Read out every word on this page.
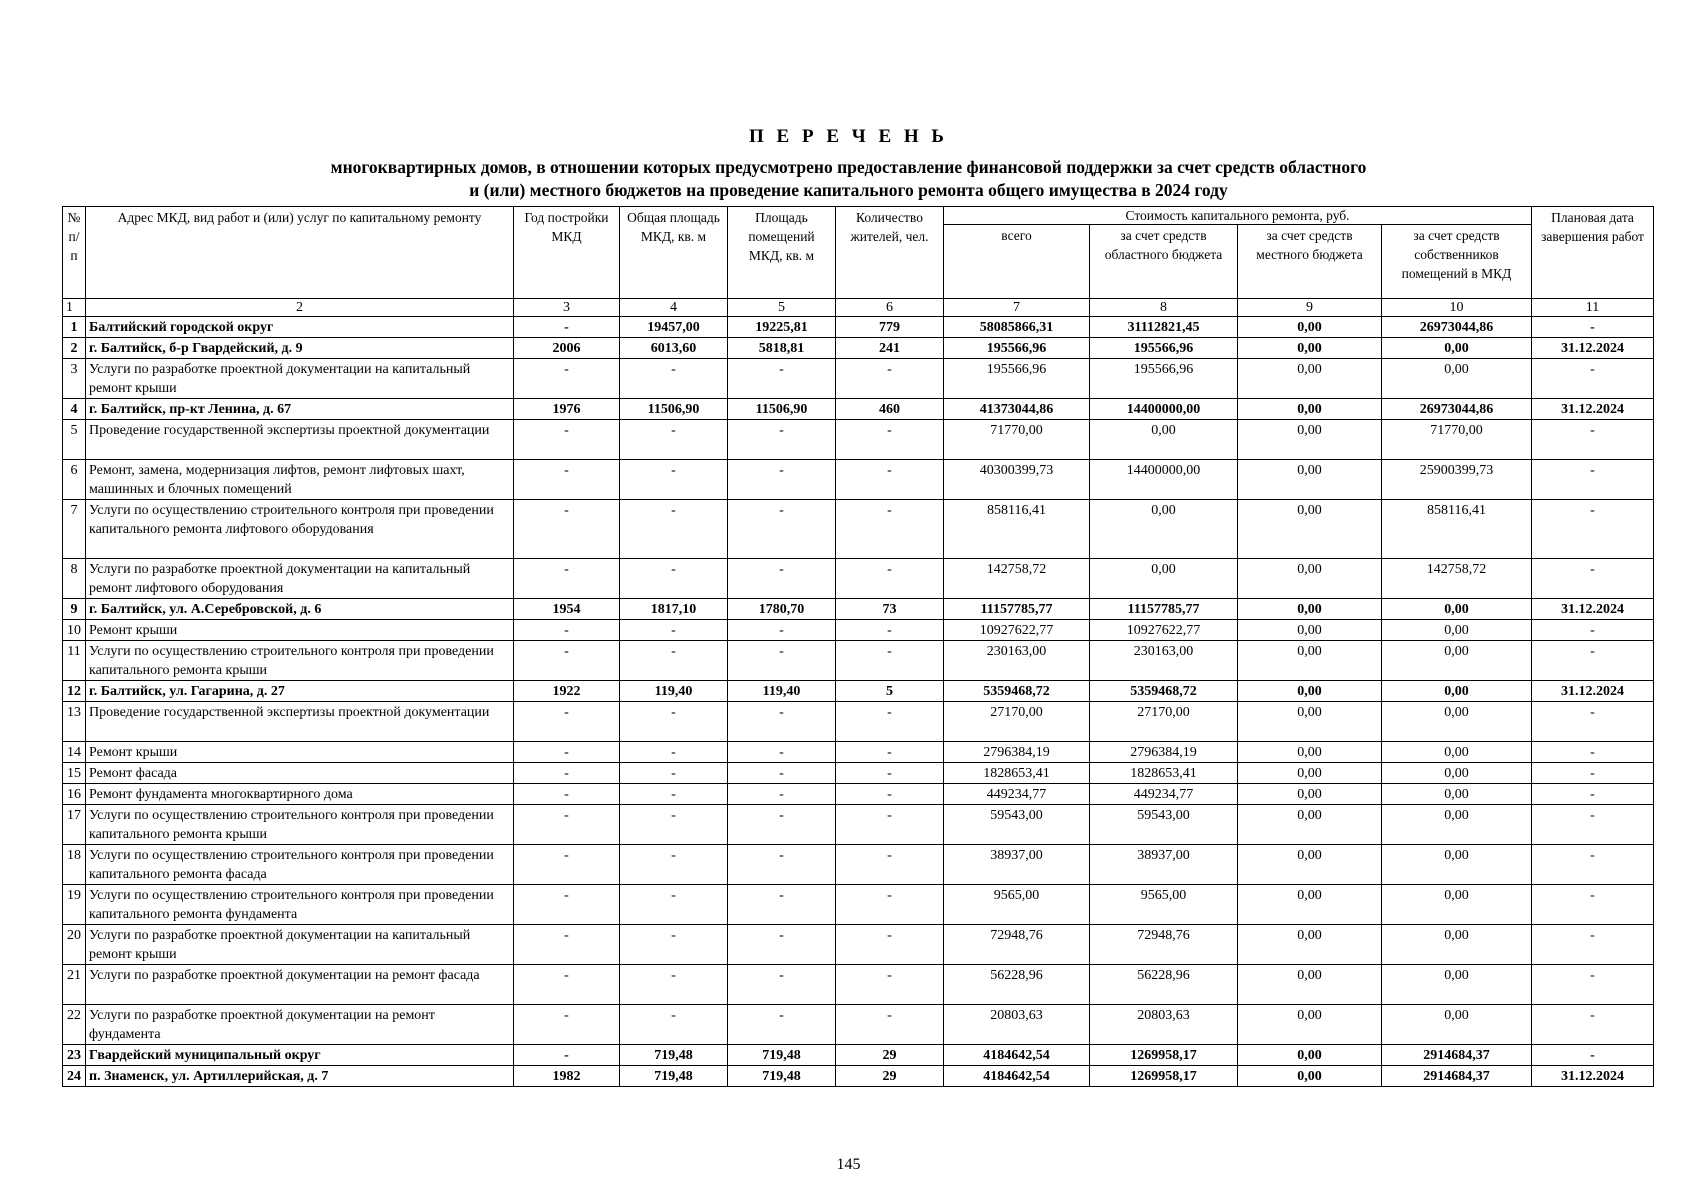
П Е Р Е Ч Е Н Ь
многоквартирных домов, в отношении которых предусмотрено предоставление финансовой поддержки за счет средств областного
и (или) местного бюджетов на проведение капитального ремонта общего имущества в 2024 году
№ п/п	Адрес МКД, вид работ и (или) услуг по капитальному ремонту	Год постройки МКД	Общая площадь МКД, кв. м	Площадь помещений МКД, кв. м	Количество жителей, чел.	Стоимость капитального ремонта, руб.				Плановая дата завершения работ
						всего	за счет средств областного бюджета	за счет средств местного бюджета	за счет средств собственников помещений в МКД	
1	2	3	4	5	6	7	8	9	10	11
1	Балтийский городской округ	-	19457,00	19225,81	779	58085866,31	31112821,45	0,00	26973044,86	-
2	г. Балтийск, б-р Гвардейский, д. 9	2006	6013,60	5818,81	241	195566,96	195566,96	0,00	0,00	31.12.2024
3	Услуги по разработке проектной документации на капитальный ремонт крыши	-	-	-	-	195566,96	195566,96	0,00	0,00	-
4	г. Балтийск, пр-кт Ленина, д. 67	1976	11506,90	11506,90	460	41373044,86	14400000,00	0,00	26973044,86	31.12.2024
5	Проведение государственной экспертизы проектной документации	-	-	-	-	71770,00	0,00	0,00	71770,00	-
6	Ремонт, замена, модернизация лифтов, ремонт лифтовых шахт, машинных и блочных помещений	-	-	-	-	40300399,73	14400000,00	0,00	25900399,73	-
7	Услуги по осуществлению строительного контроля при проведении капитального ремонта лифтового оборудования	-	-	-	-	858116,41	0,00	0,00	858116,41	-
8	Услуги по разработке проектной документации на капитальный ремонт лифтового оборудования	-	-	-	-	142758,72	0,00	0,00	142758,72	-
9	г. Балтийск, ул. А.Серебровской, д. 6	1954	1817,10	1780,70	73	11157785,77	11157785,77	0,00	0,00	31.12.2024
10	Ремонт крыши	-	-	-	-	10927622,77	10927622,77	0,00	0,00	-
11	Услуги по осуществлению строительного контроля при проведении капитального ремонта крыши	-	-	-	-	230163,00	230163,00	0,00	0,00	-
12	г. Балтийск, ул. Гагарина, д. 27	1922	119,40	119,40	5	5359468,72	5359468,72	0,00	0,00	31.12.2024
13	Проведение государственной экспертизы проектной документации	-	-	-	-	27170,00	27170,00	0,00	0,00	-
14	Ремонт крыши	-	-	-	-	2796384,19	2796384,19	0,00	0,00	-
15	Ремонт фасада	-	-	-	-	1828653,41	1828653,41	0,00	0,00	-
16	Ремонт фундамента многоквартирного дома	-	-	-	-	449234,77	449234,77	0,00	0,00	-
17	Услуги по осуществлению строительного контроля при проведении капитального ремонта крыши	-	-	-	-	59543,00	59543,00	0,00	0,00	-
18	Услуги по осуществлению строительного контроля при проведении капитального ремонта фасада	-	-	-	-	38937,00	38937,00	0,00	0,00	-
19	Услуги по осуществлению строительного контроля при проведении капитального ремонта фундамента	-	-	-	-	9565,00	9565,00	0,00	0,00	-
20	Услуги по разработке проектной документации на капитальный ремонт крыши	-	-	-	-	72948,76	72948,76	0,00	0,00	-
21	Услуги по разработке проектной документации на ремонт фасада	-	-	-	-	56228,96	56228,96	0,00	0,00	-
22	Услуги по разработке проектной документации на ремонт фундамента	-	-	-	-	20803,63	20803,63	0,00	0,00	-
23	Гвардейский муниципальный округ	-	719,48	719,48	29	4184642,54	1269958,17	0,00	2914684,37	-
24	п. Знаменск, ул. Артиллерийская, д. 7	1982	719,48	719,48	29	4184642,54	1269958,17	0,00	2914684,37	31.12.2024
145
